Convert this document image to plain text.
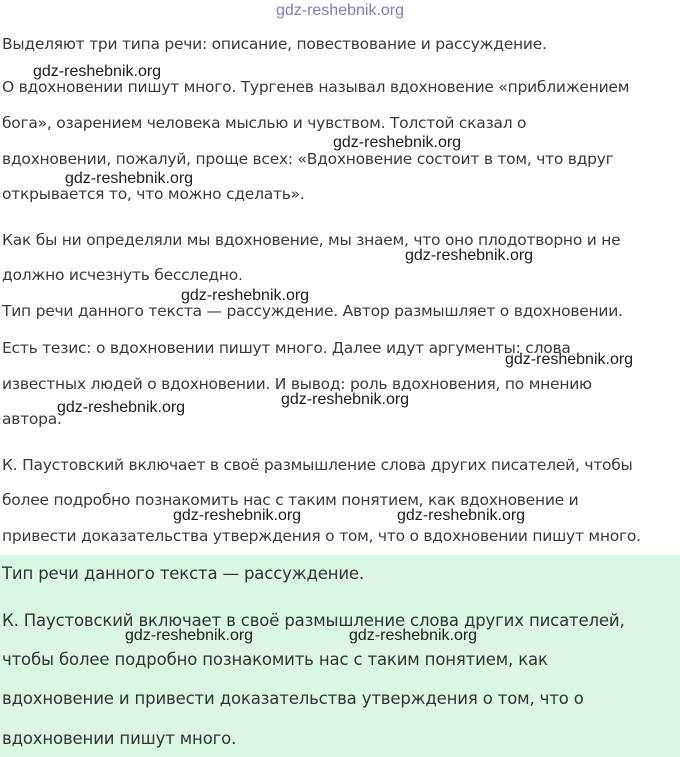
gdz-reshebnik.org
Выделяют три типа речи: описание, повествование и рассуждение.
О вдохновении пишут много. Тургенев называл вдохновение «приближением
бога», озарением человека мыслью и чувством. Толстой сказал о
вдохновении, пожалуй, проще всех: «Вдохновение состоит в том, что вдруг
открывается то, что можно сделать».
Как бы ни определяли мы вдохновение, мы знаем, что оно плодотворно и не
должно исчезнуть бесследно.
Тип речи данного текста — рассуждение. Автор размышляет о вдохновении.
Есть тезис: о вдохновении пишут много. Далее идут аргументы: слова
известных людей о вдохновении. И вывод: роль вдохновения, по мнению
автора.
К. Паустовский включает в своё размышление слова других писателей, чтобы
более подробно познакомить нас с таким понятием, как вдохновение и
привести доказательства утверждения о том, что о вдохновении пишут много.
Тип речи данного текста — рассуждение.
К. Паустовский включает в своё размышление слова других писателей,
чтобы более подробно познакомить нас с таким понятием, как
вдохновение и привести доказательства утверждения о том, что о
вдохновении пишут много.
gdz-reshebnik.org
gdz-reshebnik.org
gdz-reshebnik.org
gdz-reshebnik.org
gdz-reshebnik.org
gdz-reshebnik.org
gdz-reshebnik.org
gdz-reshebnik.org
gdz-reshebnik.org	gdz-reshebnik.org
gdz-reshebnik.org	gdz-reshebnik.org
